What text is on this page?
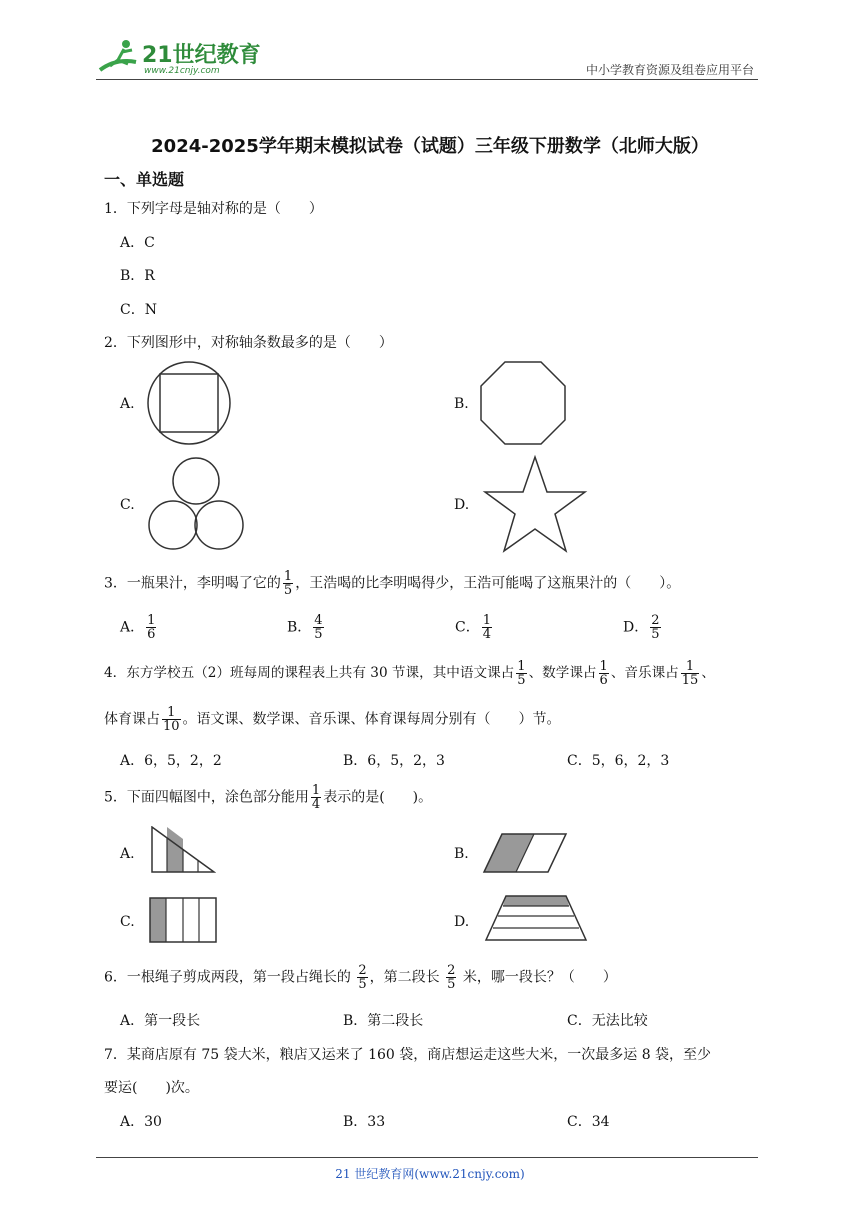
21世纪教育
www.21cnjy.com	中小学教育资源及组卷应用平台
2024-2025学年期末模拟试卷（试题）三年级下册数学（北师大版）
一、单选题
1．下列字母是轴对称的是（　　）
A．C
B．R
C．N
2．下列图形中，对称轴条数最多的是（　　）
A.	B.
C.	D.
3．一瓶果汁，李明喝了它的 $\frac{1}{5}$ ，王浩喝的比李明喝得少，王浩可能喝了这瓶果汁的（　　）。
A． $\frac{1}{6}$	B． $\frac{4}{5}$	C． $\frac{1}{4}$	D． $\frac{2}{5}$
4．东方学校五（2）班每周的课程表上共有 30 节课，其中语文课占 $\frac{1}{5}$ 、数学课占 $\frac{1}{6}$ 、音乐课占 $\frac{1}{15}$ 、
体育课占 $\frac{1}{10}$ 。语文课、数学课、音乐课、体育课每周分别有（　　）节。
A．6，5，2，2	B．6，5，2，3	C．5，6，2，3
5．下面四幅图中，涂色部分能用 $\frac{1}{4}$ 表示的是(　　)。
A.	B.
C.	D.
6．一根绳子剪成两段，第一段占绳长的 $\frac{2}{5}$ ，第二段长 $\frac{2}{5}$ 米，哪一段长？（　　）
A．第一段长	B．第二段长	C．无法比较
7．某商店原有 75 袋大米，粮店又运来了 160 袋，商店想运走这些大米，一次最多运 8 袋，至少
要运(　　)次。
A．30	B．33	C．34
21 世纪教育网(www.21cnjy.com)
